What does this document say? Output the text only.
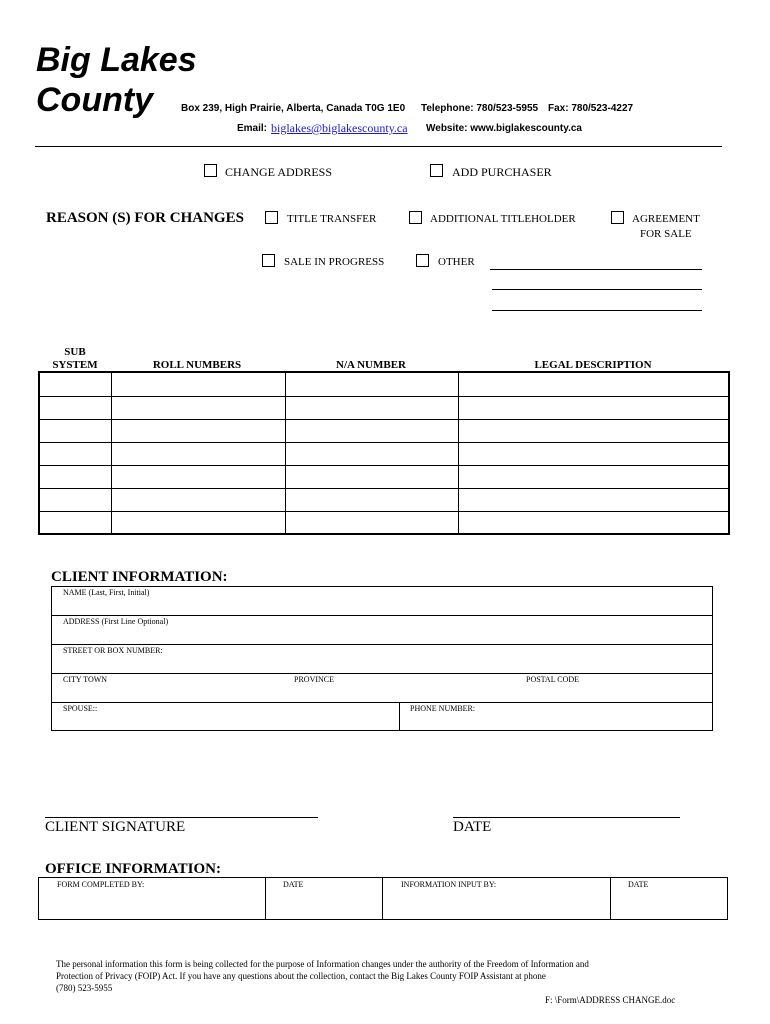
Big Lakes
County	Box 239, High Prairie, Alberta, Canada T0G 1E0 Telephone: 780/523-5955 Fax: 780/523-4227
Email: biglakes@biglakescounty.ca Website: www.biglakescounty.ca
CHANGE ADDRESS	ADD PURCHASER
REASON (S) FOR CHANGES	TITLE TRANSFER	ADDITIONAL TITLEHOLDER	AGREEMENT
FOR SALE
SALE IN PROGRESS	OTHER
SUB
SYSTEM	ROLL NUMBERS	N/A NUMBER	LEGAL DESCRIPTION
CLIENT INFORMATION:
NAME (Last, First, Initial)
ADDRESS (First Line Optional)
STREET OR BOX NUMBER:
CITY TOWN	PROVINCE	POSTAL CODE
SPOUSE::	PHONE NUMBER:
CLIENT SIGNATURE	DATE
OFFICE INFORMATION:
FORM COMPLETED BY:	DATE	INFORMATION INPUT BY:	DATE
The personal information this form is being collected for the purpose of Information changes under the authority of the Freedom of Information and
Protection of Privacy (FOIP) Act. If you have any questions about the collection, contact the Big Lakes County FOIP Assistant at phone
(780) 523-5955
F: \Form\ADDRESS CHANGE.doc
